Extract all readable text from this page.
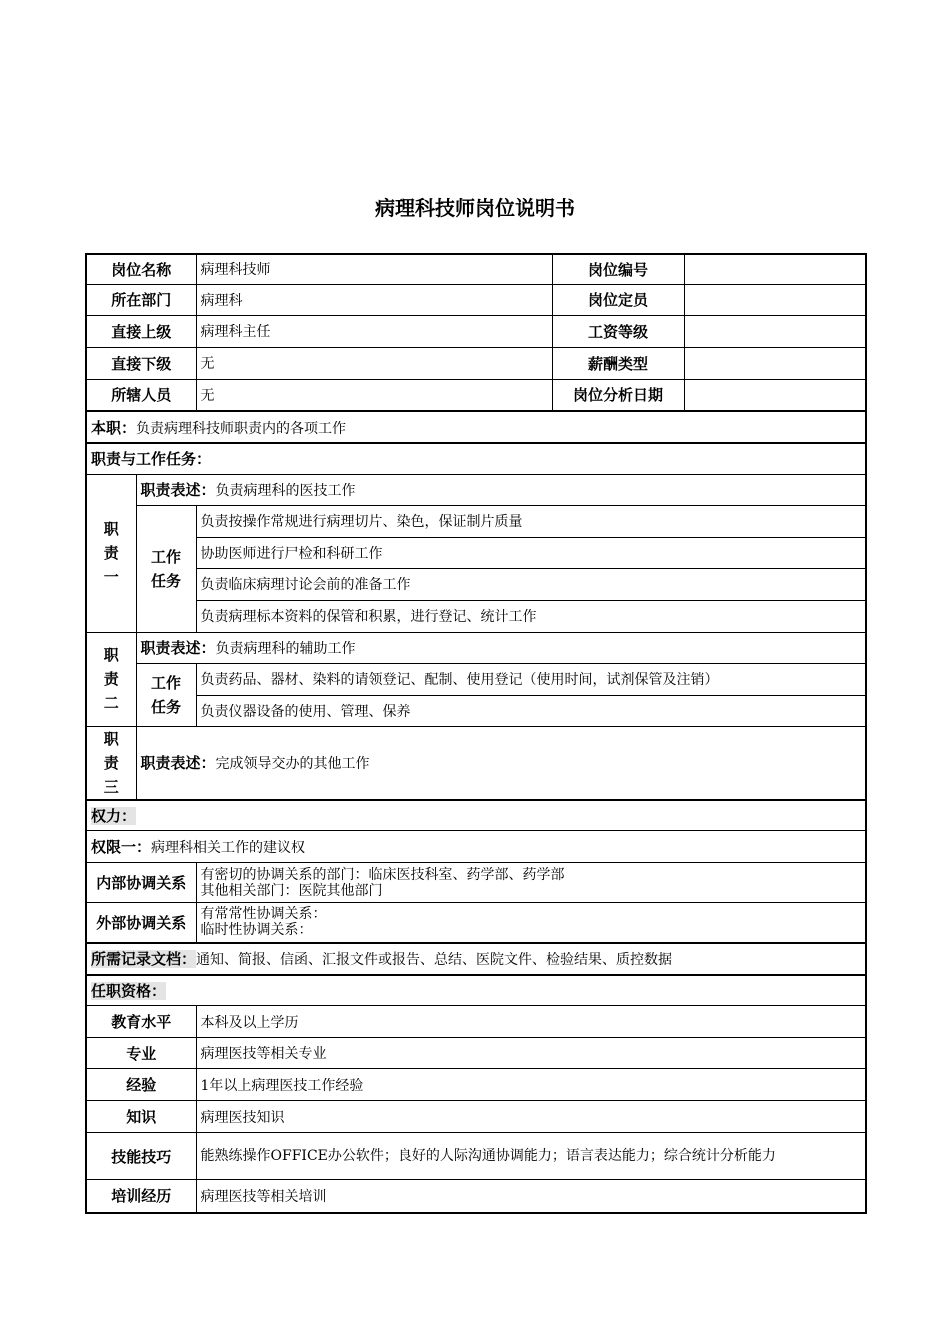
病理科技师岗位说明书
岗位名称		病理科技师	岗位编号	
所在部门		病理科	岗位定员	
直接上级		病理科主任	工资等级	
直接下级		无	薪酬类型	
所辖人员		无	岗位分析日期	
本职：负责病理科技师职责内的各项工作				
职责与工作任务：				
职
责
一	职责表述：负责病理科的医技工作			
	工作
任务	负责按操作常规进行病理切片、染色，保证制片质量		
		协助医师进行尸检和科研工作		
		负责临床病理讨论会前的准备工作		
		负责病理标本资料的保管和积累，进行登记、统计工作		
职
责
二	职责表述：负责病理科的辅助工作			
	工作
任务	负责药品、器材、染料的请领登记、配制、使用登记（使用时间，试剂保管及注销）		
		负责仪器设备的使用、管理、保养		
职
责
三	职责表述：完成领导交办的其他工作			
权力：				
权限一：病理科相关工作的建议权				
内部协调关系		有密切的协调关系的部门：临床医技科室、药学部、药学部
其他相关部门：医院其他部门		
外部协调关系		有常常性协调关系：
临时性协调关系：		
所需记录文档：通知、简报、信函、汇报文件或报告、总结、医院文件、检验结果、质控数据				
任职资格：				
教育水平		本科及以上学历		
专业		病理医技等相关专业		
经验		1年以上病理医技工作经验		
知识		病理医技知识		
技能技巧		能熟练操作OFFICE办公软件；良好的人际沟通协调能力；语言表达能力；综合统计分析能力		
培训经历		病理医技等相关培训		
